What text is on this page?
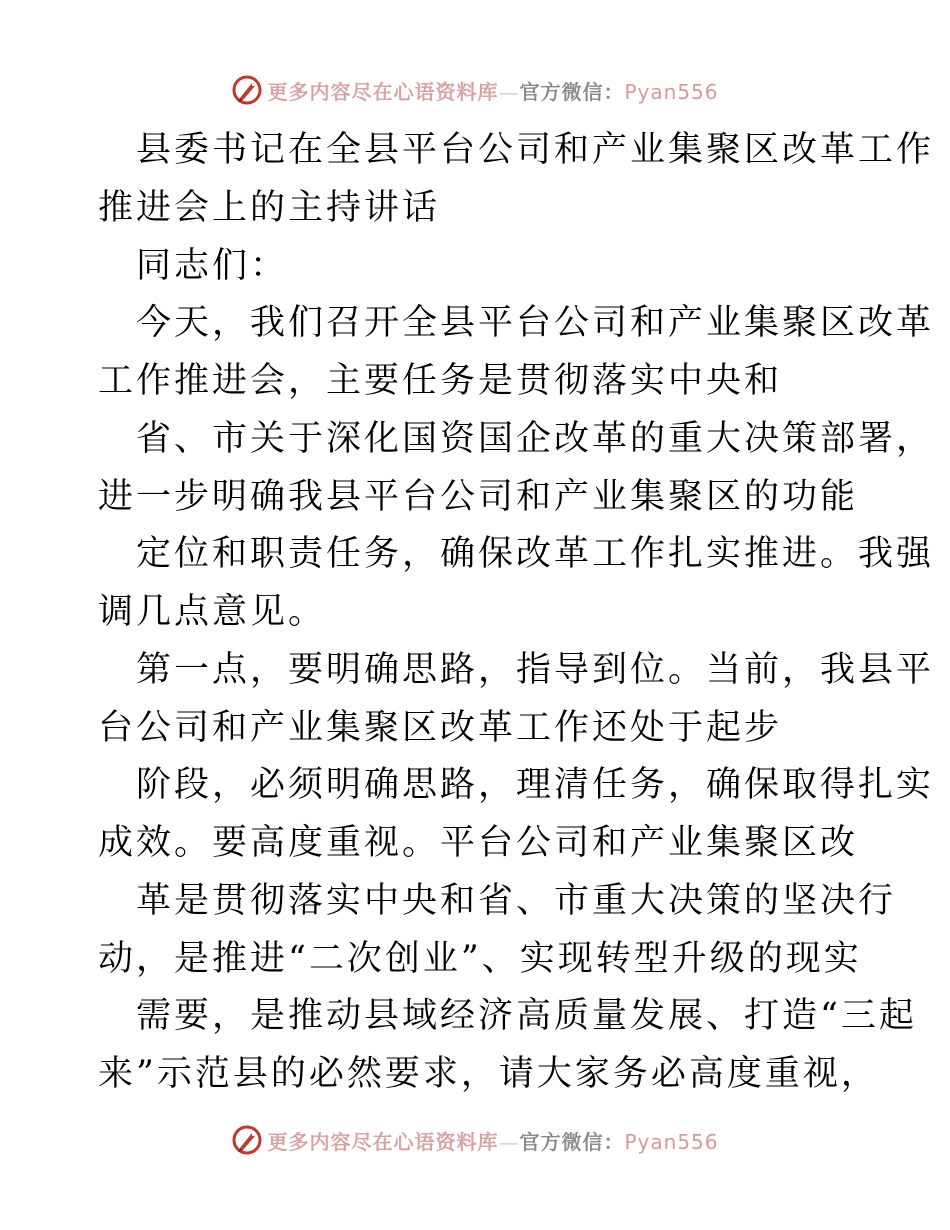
更多内容尽在心语资料库—官方微信：Pyan556
县委书记在全县平台公司和产业集聚区改革工作
推进会上的主持讲话
同志们：
今天，我们召开全县平台公司和产业集聚区改革
工作推进会，主要任务是贯彻落实中央和
省、市关于深化国资国企改革的重大决策部署，
进一步明确我县平台公司和产业集聚区的功能
定位和职责任务，确保改革工作扎实推进。我强
调几点意见。
第一点，要明确思路，指导到位。当前，我县平
台公司和产业集聚区改革工作还处于起步
阶段，必须明确思路，理清任务，确保取得扎实
成效。要高度重视。平台公司和产业集聚区改
革是贯彻落实中央和省、市重大决策的坚决行
动，是推进“二次创业”、实现转型升级的现实
需要，是推动县域经济高质量发展、打造“三起
来”示范县的必然要求，请大家务必高度重视，
更多内容尽在心语资料库—官方微信：Pyan556
